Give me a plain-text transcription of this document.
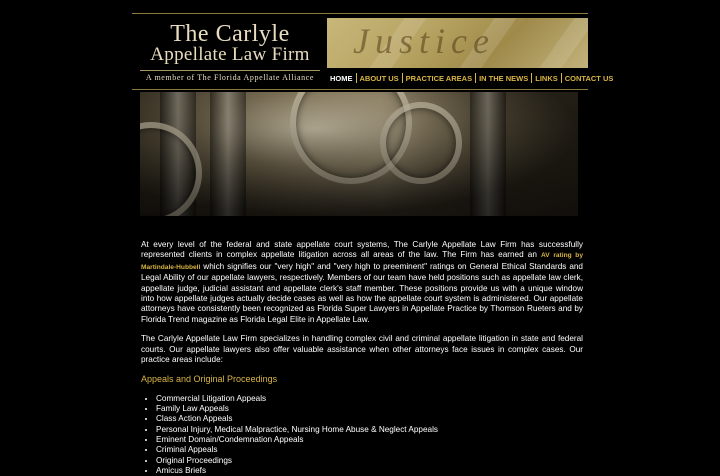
The Carlyle
Appellate Law Firm
A member of The Florida Appellate Alliance
Justice
HOME ABOUT US PRACTICE AREAS IN THE NEWS LINKS CONTACT US

At every level of the federal and state appellate court systems, The Carlyle Appellate Law Firm has successfully represented clients in complex appellate litigation across all areas of the law. The Firm has earned an AV rating by Martindale-Hubbell which signifies our "very high" and "very high to preeminent" ratings on General Ethical Standards and Legal Ability of our appellate lawyers, respectively. Members of our team have held positions such as appellate law clerk, appellate judge, judicial assistant and appellate clerk's staff member. These positions provide us with a unique window into how appellate judges actually decide cases as well as how the appellate court system is administered. Our appellate attorneys have consistently been recognized as Florida Super Lawyers in Appellate Practice by Thomson Rueters and by Florida Trend magazine as Florida Legal Elite in Appellate Law.

The Carlyle Appellate Law Firm specializes in handling complex civil and criminal appellate litigation in state and federal courts. Our appellate lawyers also offer valuable assistance when other attorneys face issues in complex cases. Our practice areas include:

Appeals and Original Proceedings
• Commercial Litigation Appeals
• Family Law Appeals
• Class Action Appeals
• Personal Injury, Medical Malpractice, Nursing Home Abuse & Neglect Appeals
• Eminent Domain/Condemnation Appeals
• Criminal Appeals
• Original Proceedings
• Amicus Briefs
